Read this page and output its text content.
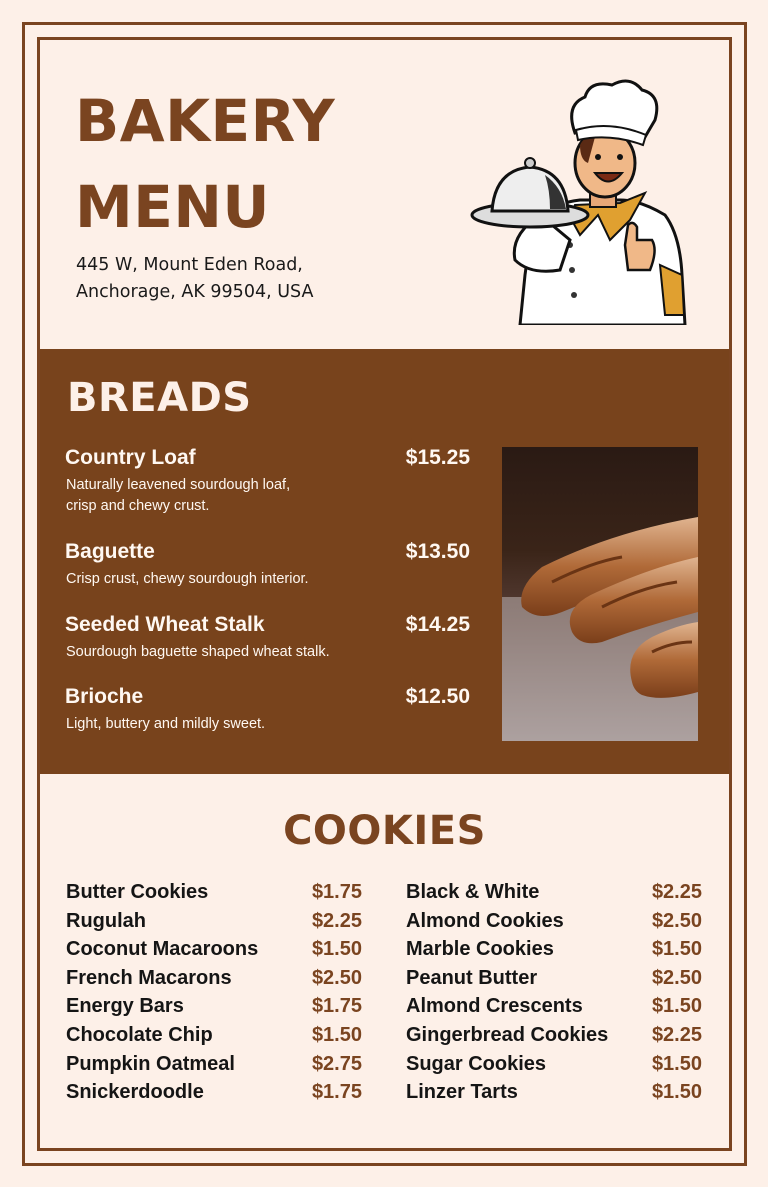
BAKERY
MENU
445 W, Mount Eden Road,
Anchorage, AK 99504, USA
BREADS
Country Loaf	$15.25
Naturally leavened sourdough loaf,
crisp and chewy crust.
Baguette	$13.50
Crisp crust, chewy sourdough interior.
Seeded Wheat Stalk	$14.25
Sourdough baguette shaped wheat stalk.
Brioche	$12.50
Light, buttery and mildly sweet.
COOKIES
Butter Cookies	$1.75
Rugulah	$2.25
Coconut Macaroons	$1.50
French Macarons	$2.50
Energy Bars	$1.75
Chocolate Chip	$1.50
Pumpkin Oatmeal	$2.75
Snickerdoodle	$1.75
Black & White	$2.25
Almond Cookies	$2.50
Marble Cookies	$1.50
Peanut Butter	$2.50
Almond Crescents	$1.50
Gingerbread Cookies	$2.25
Sugar Cookies	$1.50
Linzer Tarts	$1.50
